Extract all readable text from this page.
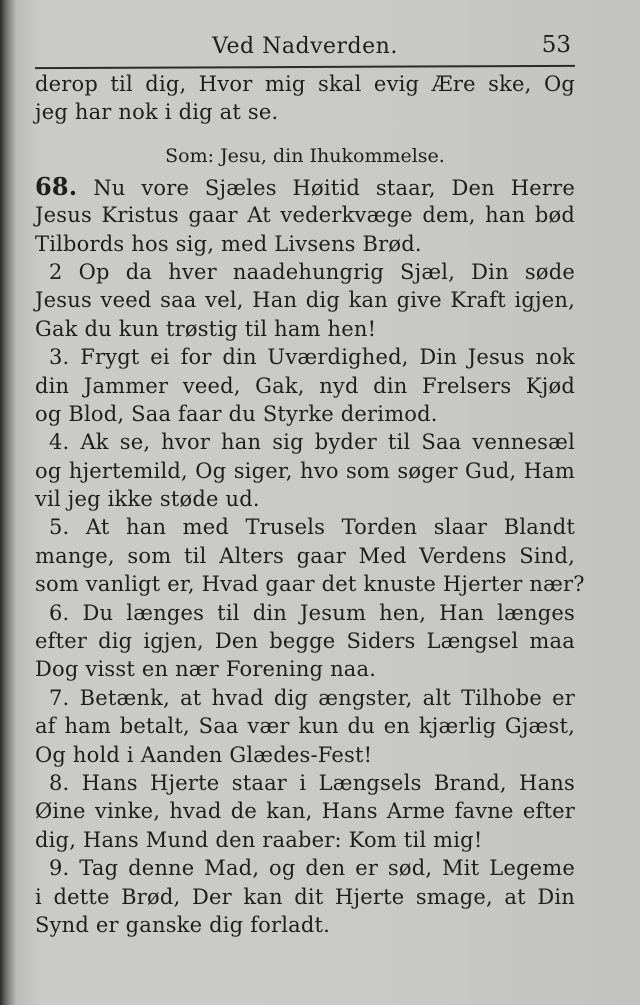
Ved Nadverden.	53
derop til dig, Hvor mig skal evig Ære ske, Og
jeg har nok i dig at se.
Som: Jesu, din Ihukommelse.
68. Nu vore Sjæles Høitid staar, Den Herre
Jesus Kristus gaar At vederkvæge dem, han bød
Tilbords hos sig, med Livsens Brød.
2 Op da hver naadehungrig Sjæl, Din søde
Jesus veed saa vel, Han dig kan give Kraft igjen,
Gak du kun trøstig til ham hen!
3. Frygt ei for din Uværdighed, Din Jesus nok
din Jammer veed, Gak, nyd din Frelsers Kjød
og Blod, Saa faar du Styrke derimod.
4. Ak se, hvor han sig byder til Saa vennesæl
og hjertemild, Og siger, hvo som søger Gud, Ham
vil jeg ikke støde ud.
5. At han med Trusels Torden slaar Blandt
mange, som til Alters gaar Med Verdens Sind,
som vanligt er, Hvad gaar det knuste Hjerter nær?
6. Du længes til din Jesum hen, Han længes
efter dig igjen, Den begge Siders Længsel maa
Dog visst en nær Forening naa.
7. Betænk, at hvad dig ængster, alt Tilhobe er
af ham betalt, Saa vær kun du en kjærlig Gjæst,
Og hold i Aanden Glædes-Fest!
8. Hans Hjerte staar i Længsels Brand, Hans
Øine vinke, hvad de kan, Hans Arme favne efter
dig, Hans Mund den raaber: Kom til mig!
9. Tag denne Mad, og den er sød, Mit Legeme
i dette Brød, Der kan dit Hjerte smage, at Din
Synd er ganske dig forladt.
